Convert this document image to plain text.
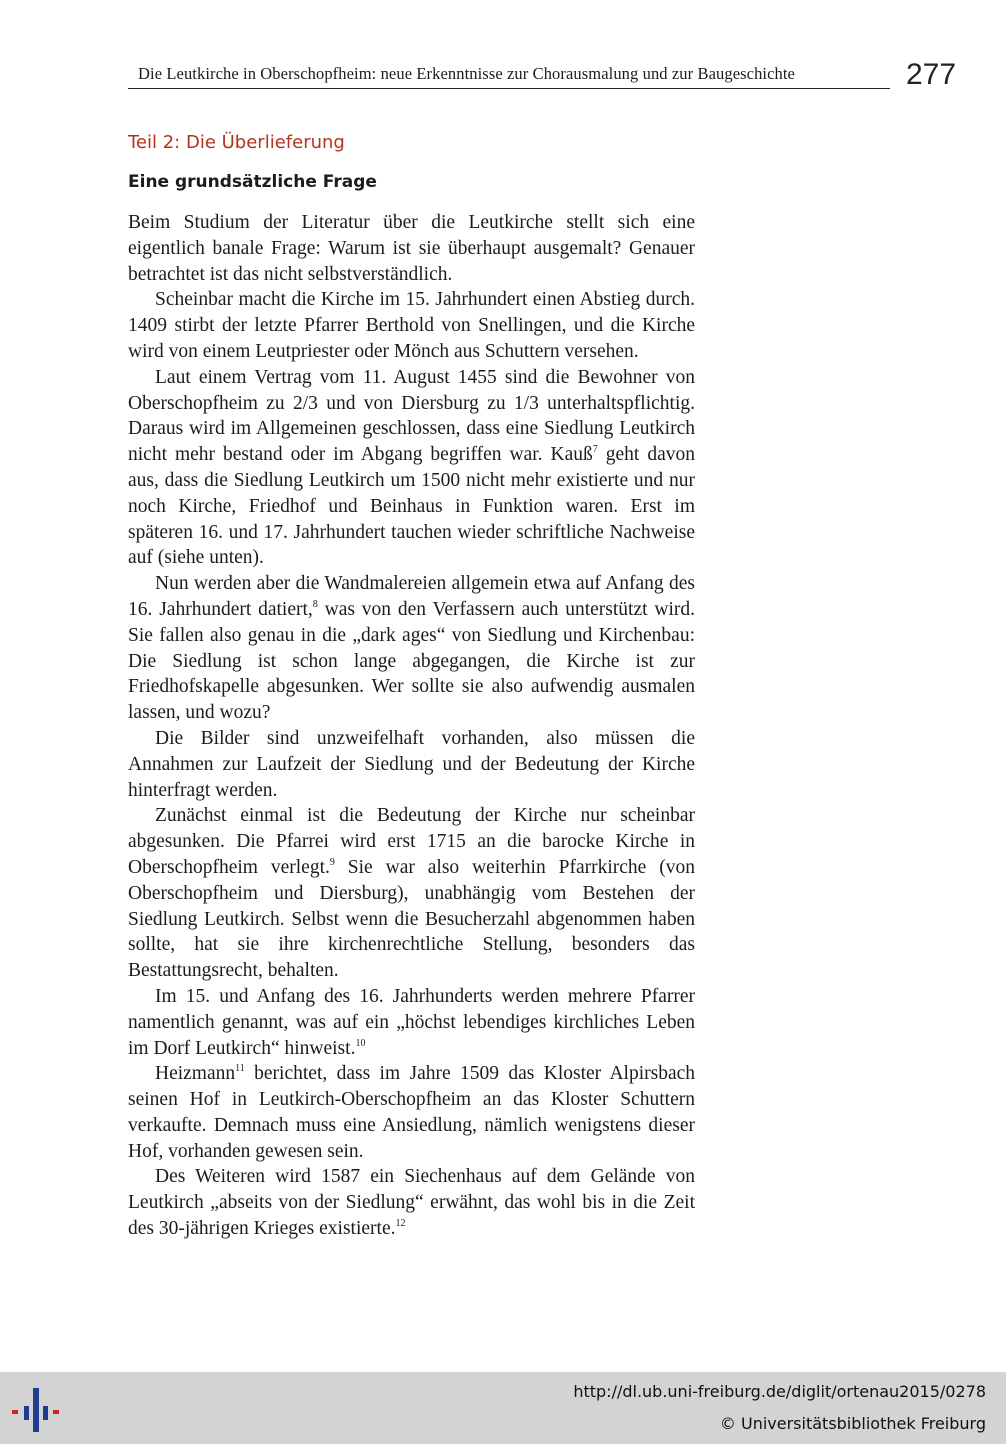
Die Leutkirche in Oberschopfheim: neue Erkenntnisse zur Chorausmalung und zur Baugeschichte	277
Teil 2: Die Überlieferung
Eine grundsätzliche Frage

Beim Studium der Literatur über die Leutkirche stellt sich eine eigentlich banale Frage: Warum ist sie überhaupt ausgemalt? Genauer betrachtet ist das nicht selbstverständlich.

Scheinbar macht die Kirche im 15. Jahrhundert einen Abstieg durch. 1409 stirbt der letzte Pfarrer Berthold von Snellingen, und die Kirche wird von einem Leutpriester oder Mönch aus Schuttern versehen.

Laut einem Vertrag vom 11. August 1455 sind die Bewohner von Oberschopfheim zu 2/3 und von Diersburg zu 1/3 unterhaltspflichtig. Daraus wird im Allgemeinen geschlossen, dass eine Siedlung Leutkirch nicht mehr bestand oder im Abgang begriffen war. Kauß$^7$ geht davon aus, dass die Siedlung Leutkirch um 1500 nicht mehr existierte und nur noch Kirche, Friedhof und Beinhaus in Funktion waren. Erst im späteren 16. und 17. Jahrhundert tauchen wieder schriftliche Nachweise auf (siehe unten).

Nun werden aber die Wandmalereien allgemein etwa auf Anfang des 16. Jahrhundert datiert,$^8$ was von den Verfassern auch unterstützt wird. Sie fallen also genau in die „dark ages“ von Siedlung und Kirchenbau: Die Siedlung ist schon lange abgegangen, die Kirche ist zur Friedhofskapelle abgesunken. Wer sollte sie also aufwendig ausmalen lassen, und wozu?

Die Bilder sind unzweifelhaft vorhanden, also müssen die Annahmen zur Laufzeit der Siedlung und der Bedeutung der Kirche hinterfragt werden.

Zunächst einmal ist die Bedeutung der Kirche nur scheinbar abgesunken. Die Pfarrei wird erst 1715 an die barocke Kirche in Oberschopfheim verlegt.$^9$ Sie war also weiterhin Pfarrkirche (von Oberschopfheim und Diersburg), unabhängig vom Bestehen der Siedlung Leutkirch. Selbst wenn die Besucherzahl abgenommen haben sollte, hat sie ihre kirchenrechtliche Stellung, besonders das Bestattungsrecht, behalten.

Im 15. und Anfang des 16. Jahrhunderts werden mehrere Pfarrer namentlich genannt, was auf ein „höchst lebendiges kirchliches Leben im Dorf Leutkirch“ hinweist.$^{10}$

Heizmann$^{11}$ berichtet, dass im Jahre 1509 das Kloster Alpirsbach seinen Hof in Leutkirch-Oberschopfheim an das Kloster Schuttern verkaufte. Demnach muss eine Ansiedlung, nämlich wenigstens dieser Hof, vorhanden gewesen sein.

Des Weiteren wird 1587 ein Siechenhaus auf dem Gelände von Leutkirch „abseits von der Siedlung“ erwähnt, das wohl bis in die Zeit des 30-jährigen Krieges existierte.$^{12}$

http://dl.ub.uni-freiburg.de/diglit/ortenau2015/0278
© Universitätsbibliothek Freiburg
